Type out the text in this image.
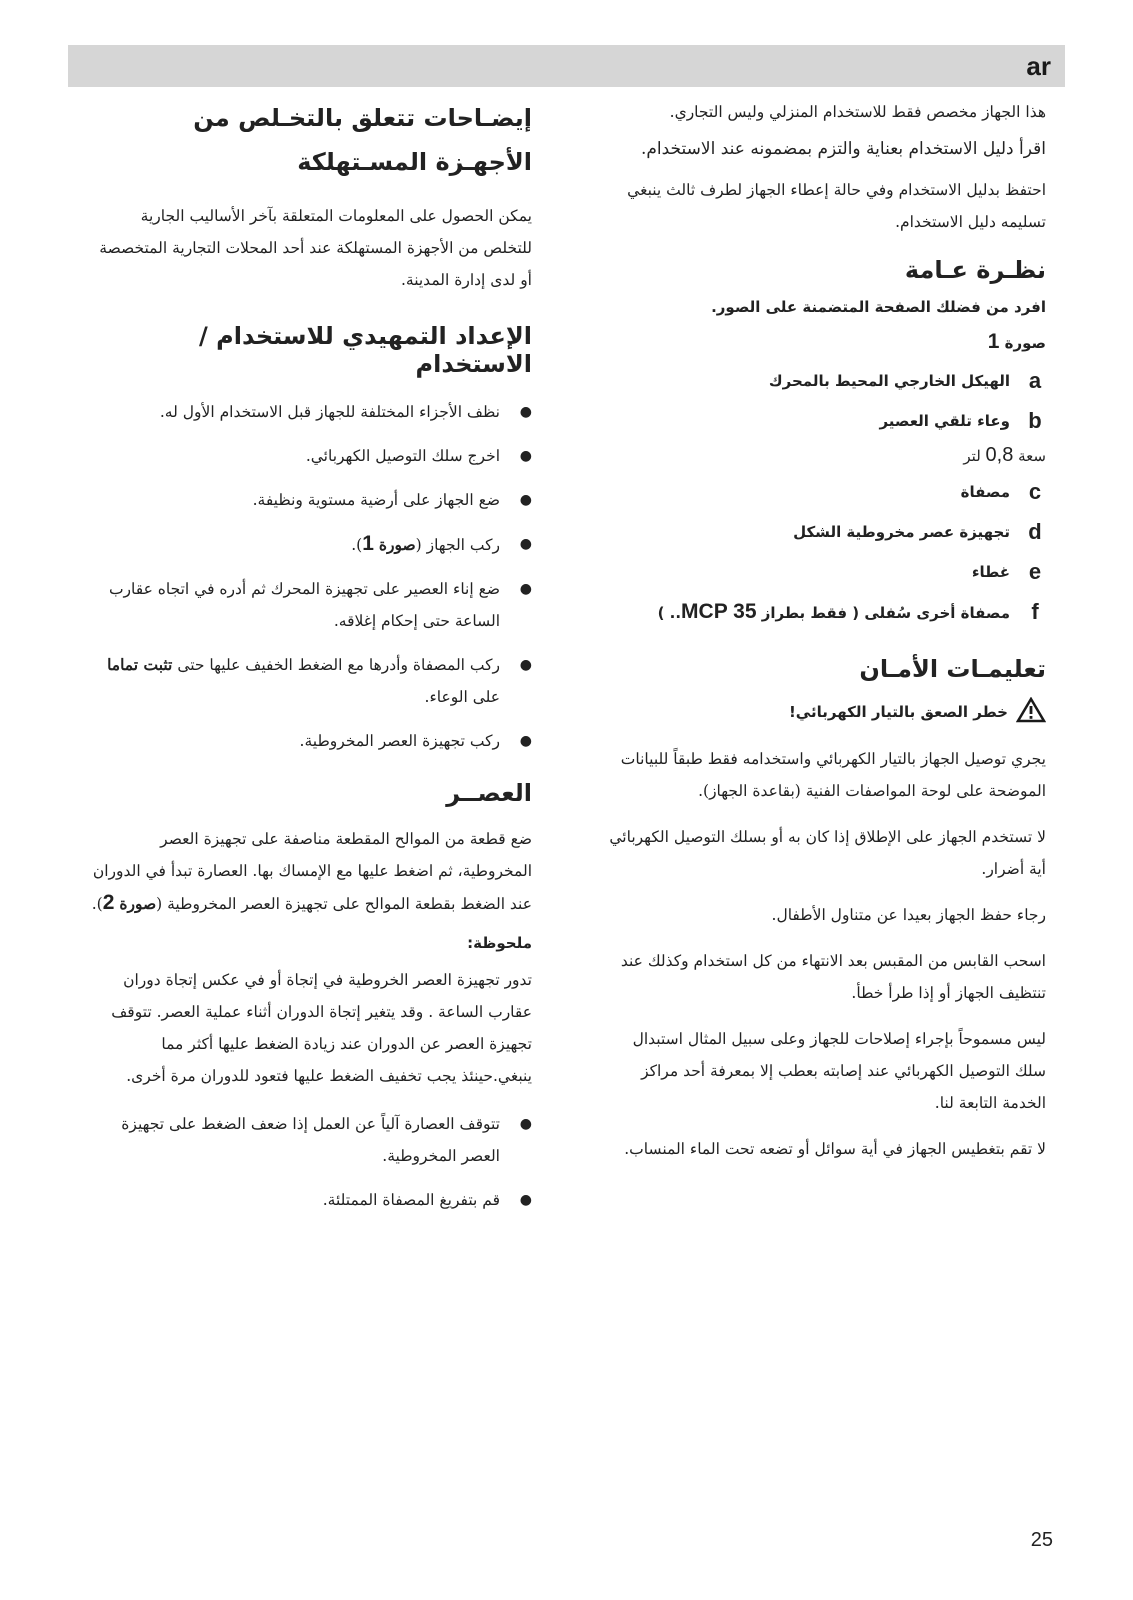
ar

هذا الجهاز مخصص فقط للاستخدام المنزلي وليس التجاري.

اقرأ دليل الاستخدام بعناية والتزم بمضمونه عند الاستخدام.

احتفظ بدليل الاستخدام وفي حالة إعطاء الجهاز لطرف ثالث ينبغي تسليمه دليل الاستخدام.

نظـرة عـامة

افرد من فضلك الصفحة المتضمنة على الصور.

صورة 1

a
الهيكل الخارجي المحيط بالمحرك
b
وعاء تلقي العصير
سعة 0,8 لتر
c
مصفاة
d
تجهيزة عصر مخروطية الشكل
e
غطاء
f
مصفاة أخرى سُفلى ( فقط بطراز MCP 35.. )
تعليمـات الأمـان
خطر الصعق بالتيار الكهربائي!

يجري توصيل الجهاز بالتيار الكهربائي واستخدامه فقط طبقاً للبيانات الموضحة على لوحة المواصفات الفنية (بقاعدة الجهاز).

لا تستخدم الجهاز على الإطلاق إذا كان به أو بسلك التوصيل الكهربائي أية أضرار.

رجاء حفظ الجهاز بعيدا عن متناول الأطفال.

اسحب القابس من المقبس بعد الانتهاء من كل استخدام وكذلك عند تنتظيف الجهاز أو إذا طرأ خطأ.

ليس مسموحاً بإجراء إصلاحات للجهاز وعلى سبيل المثال استبدال سلك التوصيل الكهربائي عند إصابته بعطب إلا بمعرفة أحد مراكز الخدمة التابعة لنا.

لا تقم بتغطيس الجهاز في أية سوائل أو تضعه تحت الماء المنساب.

إيضـاحات تتعلق بالتخـلص من الأجهـزة المسـتهلكة

يمكن الحصول على المعلومات المتعلقة بآخر الأساليب الجارية للتخلص من الأجهزة المستهلكة عند أحد المحلات التجارية المتخصصة أو لدى إدارة المدينة.

الإعداد التمهيدي للاستخدام / الاستخدام
●
نظف الأجزاء المختلفة للجهاز قبل الاستخدام الأول له.
●
اخرج سلك التوصيل الكهربائي.
●
ضع الجهاز على أرضية مستوية ونظيفة.
●
ركب الجهاز (صورة 1).
●
ضع إناء العصير على تجهيزة المحرك ثم أدره في اتجاه عقارب الساعة حتى إحكام إغلاقه.
●
ركب المصفاة وأدرها مع الضغط الخفيف عليها حتى تثبت تماما على الوعاء.
●
ركب تجهيزة العصر المخروطية.
العصــر

ضع قطعة من الموالح المقطعة مناصفة على تجهيزة العصر المخروطية، ثم اضغط عليها مع الإمساك بها. العصارة تبدأ في الدوران عند الضغط بقطعة الموالح على تجهيزة العصر المخروطية (صورة 2).

ملحوظة:

تدور تجهيزة العصر الخروطية في إتجاة أو في عكس إتجاة دوران عقارب الساعة . وقد يتغير إتجاة الدوران أثناء عملية العصر. تتوقف تجهيزة العصر عن الدوران عند زيادة الضغط عليها أكثر مما ينبغي.حينئذ يجب تخفيف الضغط عليها فتعود للدوران مرة أخرى.

●
تتوقف العصارة آلياً عن العمل إذا ضعف الضغط على تجهيزة العصر المخروطية.
●
قم بتفريغ المصفاة الممتلئة.
25
